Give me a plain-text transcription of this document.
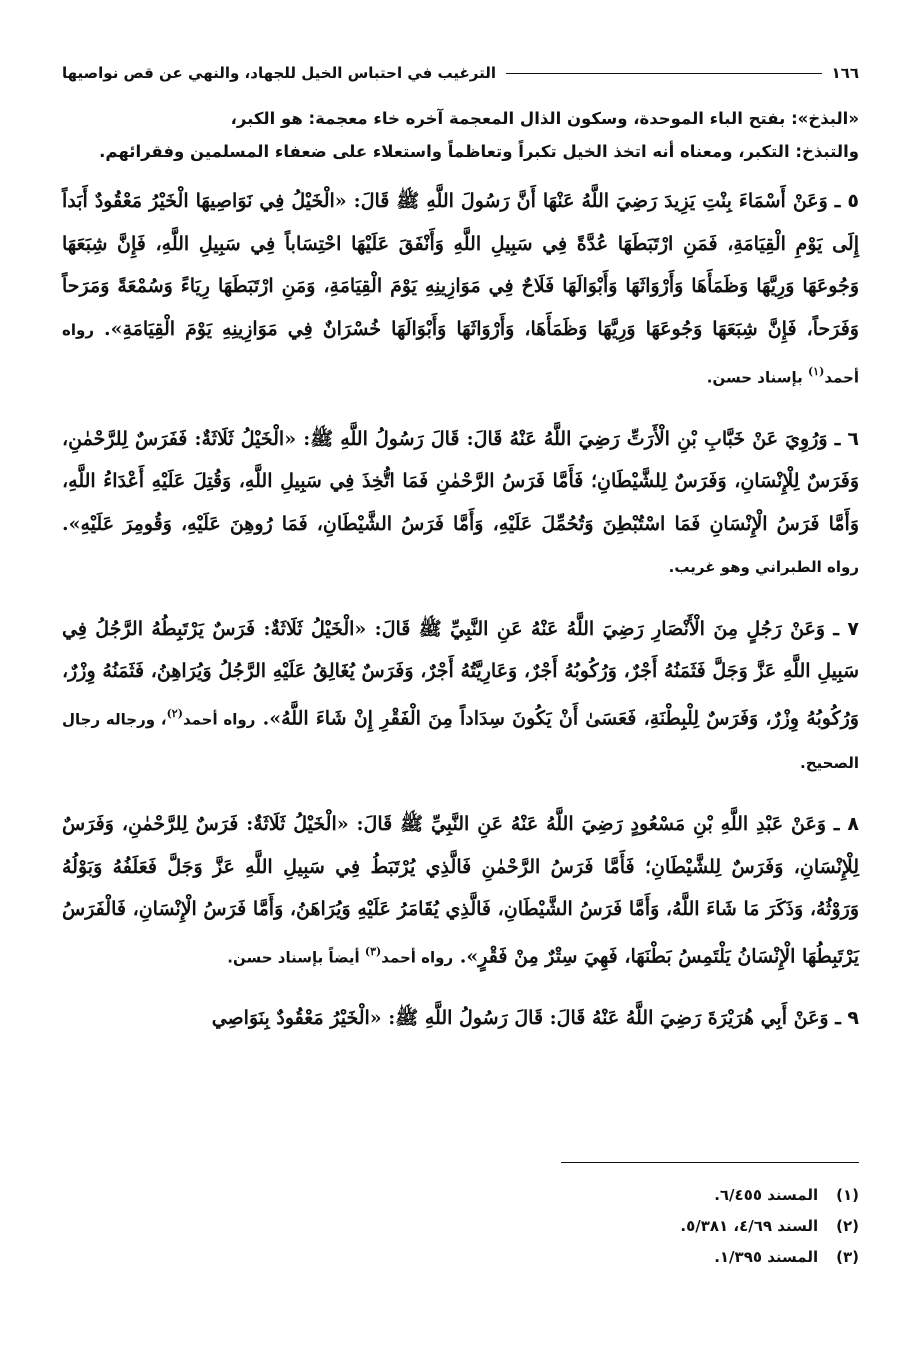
١٦٦
الترغيب في احتباس الخيل للجهاد، والنهي عن قص نواصيها

«البذخ»: بفتح الباء الموحدة، وسكون الذال المعجمة آخره خاء معجمة: هو الكبر،

والتبذخ: التكبر، ومعناه أنه اتخذ الخيل تكبراً وتعاظماً واستعلاء على ضعفاء المسلمين وفقرائهم.

٥ ـ وَعَنْ أَسْمَاءَ بِنْتِ يَزِيدَ رَضِيَ اللَّهُ عَنْهَا أَنَّ رَسُولَ اللَّهِ ﷺ قَالَ: «الْخَيْلُ فِي نَوَاصِيهَا الْخَيْرُ مَعْقُودٌ أَبَداً إِلَى يَوْمِ الْقِيَامَةِ، فَمَنِ ارْتَبَطَهَا عُدَّةً فِي سَبِيلِ اللَّهِ وَأَنْفَقَ عَلَيْهَا احْتِسَاباً فِي سَبِيلِ اللَّهِ، فَإِنَّ شِبَعَهَا وَجُوعَهَا وَرِيَّهَا وَظَمَأَهَا وَأَرْوَاثَهَا وَأَبْوَالَهَا فَلَاحٌ فِي مَوَازِينِهِ يَوْمَ الْقِيَامَةِ، وَمَنِ ارْتَبَطَهَا رِيَاءً وَسُمْعَةً وَمَرَحاً وَفَرَحاً، فَإِنَّ شِبَعَهَا وَجُوعَهَا وَرِيَّهَا وَظَمَأَهَا، وَأَرْوَاثَهَا وَأَبْوَالَهَا خُسْرَانٌ فِي مَوَازِينِهِ يَوْمَ الْقِيَامَةِ». رواه أحمد$^{(١)}$ بإسناد حسن.

٦ ـ وَرُوِيَ عَنْ خَبَّابِ بْنِ الْأَرَتِّ رَضِيَ اللَّهُ عَنْهُ قَالَ: قَالَ رَسُولُ اللَّهِ ﷺ: «الْخَيْلُ ثَلَاثَةٌ: فَفَرَسٌ لِلرَّحْمٰنِ، وَفَرَسٌ لِلْإِنْسَانِ، وَفَرَسٌ لِلشَّيْطَانِ؛ فَأَمَّا فَرَسُ الرَّحْمٰنِ فَمَا اتُّخِذَ فِي سَبِيلِ اللَّهِ، وَقُتِلَ عَلَيْهِ أَعْدَاءُ اللَّهِ، وَأَمَّا فَرَسُ الْإِنْسَانِ فَمَا اسْتُبْطِنَ وَتُحُمِّلَ عَلَيْهِ، وَأَمَّا فَرَسُ الشَّيْطَانِ، فَمَا رُوهِنَ عَلَيْهِ، وَقُومِرَ عَلَيْهِ». رواه الطبراني وهو غريب.

٧ ـ وَعَنْ رَجُلٍ مِنَ الْأَنْصَارِ رَضِيَ اللَّهُ عَنْهُ عَنِ النَّبِيِّ ﷺ قَالَ: «الْخَيْلُ ثَلَاثَةٌ: فَرَسٌ يَرْتَبِطُهُ الرَّجُلُ فِي سَبِيلِ اللَّهِ عَزَّ وَجَلَّ فَثَمَنُهُ أَجْرٌ، وَرُكُوبُهُ أَجْرٌ، وَعَارِيَّتُهُ أَجْرٌ، وَفَرَسٌ يُغَالِقُ عَلَيْهِ الرَّجُلُ وَيُرَاهِنُ، فَثَمَنُهُ وِزْرٌ، وَرُكُوبُهُ وِزْرٌ، وَفَرَسٌ لِلْبِطْنَةِ، فَعَسَىٰ أَنْ يَكُونَ سِدَاداً مِنَ الْفَقْرِ إِنْ شَاءَ اللَّهُ». رواه أحمد$^{(٢)}$، ورجاله رجال الصحيح.

٨ ـ وَعَنْ عَبْدِ اللَّهِ بْنِ مَسْعُودٍ رَضِيَ اللَّهُ عَنْهُ عَنِ النَّبِيِّ ﷺ قَالَ: «الْخَيْلُ ثَلَاثَةٌ: فَرَسٌ لِلرَّحْمٰنِ، وَفَرَسٌ لِلْإِنْسَانِ، وَفَرَسٌ لِلشَّيْطَانِ؛ فَأَمَّا فَرَسُ الرَّحْمٰنِ فَالَّذِي يُرْتَبَطُ فِي سَبِيلِ اللَّهِ عَزَّ وَجَلَّ فَعَلَفُهُ وَبَوْلُهُ وَرَوْثُهُ، وَذَكَرَ مَا شَاءَ اللَّهُ، وَأَمَّا فَرَسُ الشَّيْطَانِ، فَالَّذِي يُقَامَرُ عَلَيْهِ وَيُرَاهَنُ، وَأَمَّا فَرَسُ الْإِنْسَانِ، فَالْفَرَسُ يَرْتَبِطُهَا الْإِنْسَانُ يَلْتَمِسُ بَطْنَهَا، فَهِيَ سِتْرٌ مِنْ فَقْرٍ». رواه أحمد$^{(٣)}$ أيضاً بإسناد حسن.

٩ ـ وَعَنْ أَبِي هُرَيْرَةَ رَضِيَ اللَّهُ عَنْهُ قَالَ: قَالَ رَسُولُ اللَّهِ ﷺ: «الْخَيْرُ مَعْقُودٌ بِنَوَاصِي

(١)
المسند ٦/٤٥٥.
(٢)
السند ٤/٦٩، ٥/٣٨١.
(٣)
المسند ١/٣٩٥.
